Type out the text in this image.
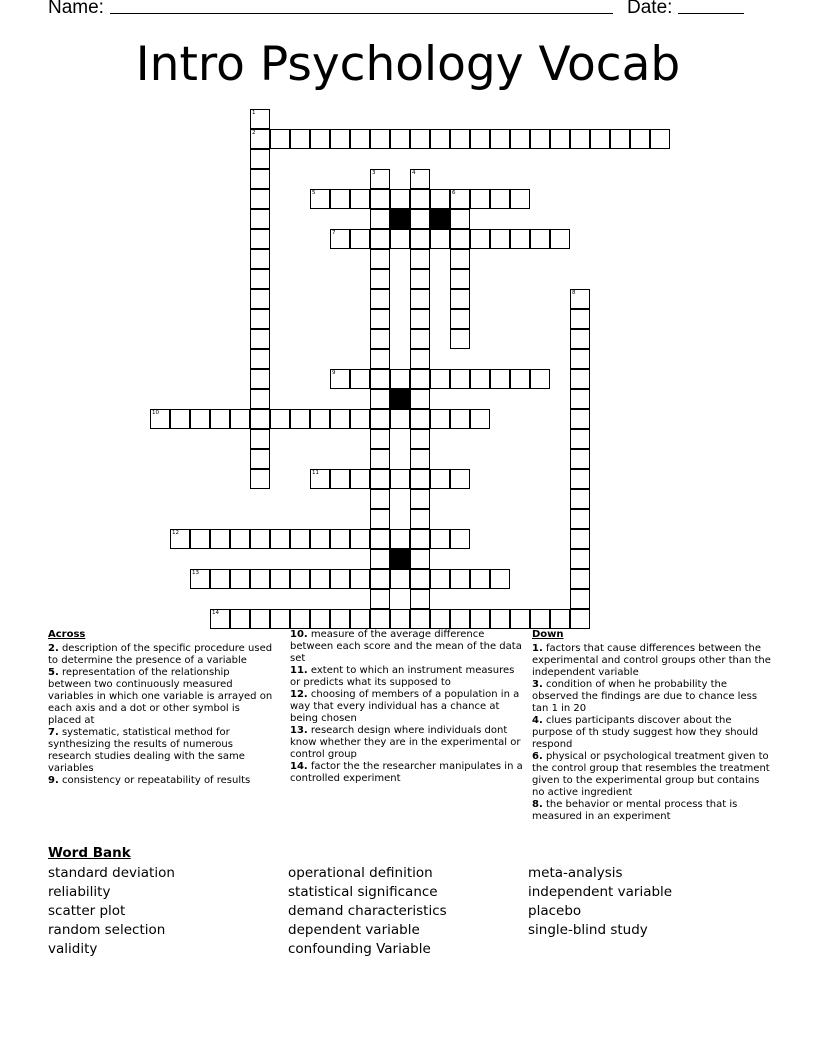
Name:	Date:
Intro Psychology Vocab
1
2
3	4
5	6
7
8
9
10
11
12
13
14
Across
2. description of the specific procedure used to determine the presence of a variable
5. representation of the relationship between two continuously measured variables in which one variable is arrayed on each axis and a dot or other symbol is placed at
7. systematic, statistical method for synthesizing the results of numerous research studies dealing with the same variables
9. consistency or repeatability of results
10. measure of the average difference between each score and the mean of the data set
11. extent to which an instrument measures or predicts what its supposed to
12. choosing of members of a population in a way that every individual has a chance at being chosen
13. research design where individuals dont know whether they are in the experimental or control group
14. factor the the researcher manipulates in a controlled experiment
Down
1. factors that cause differences between the experimental and control groups other than the independent variable
3. condition of when he probability the observed the findings are due to chance less tan 1 in 20
4. clues participants discover about the purpose of th study suggest how they should respond
6. physical or psychological treatment given to the control group that resembles the treatment given to the experimental group but contains no active ingredient
8. the behavior or mental process that is measured in an experiment
Word Bank
standard deviation
reliability
scatter plot
random selection
validity
operational definition
statistical significance
demand characteristics
dependent variable
confounding Variable
meta-analysis
independent variable
placebo
single-blind study
